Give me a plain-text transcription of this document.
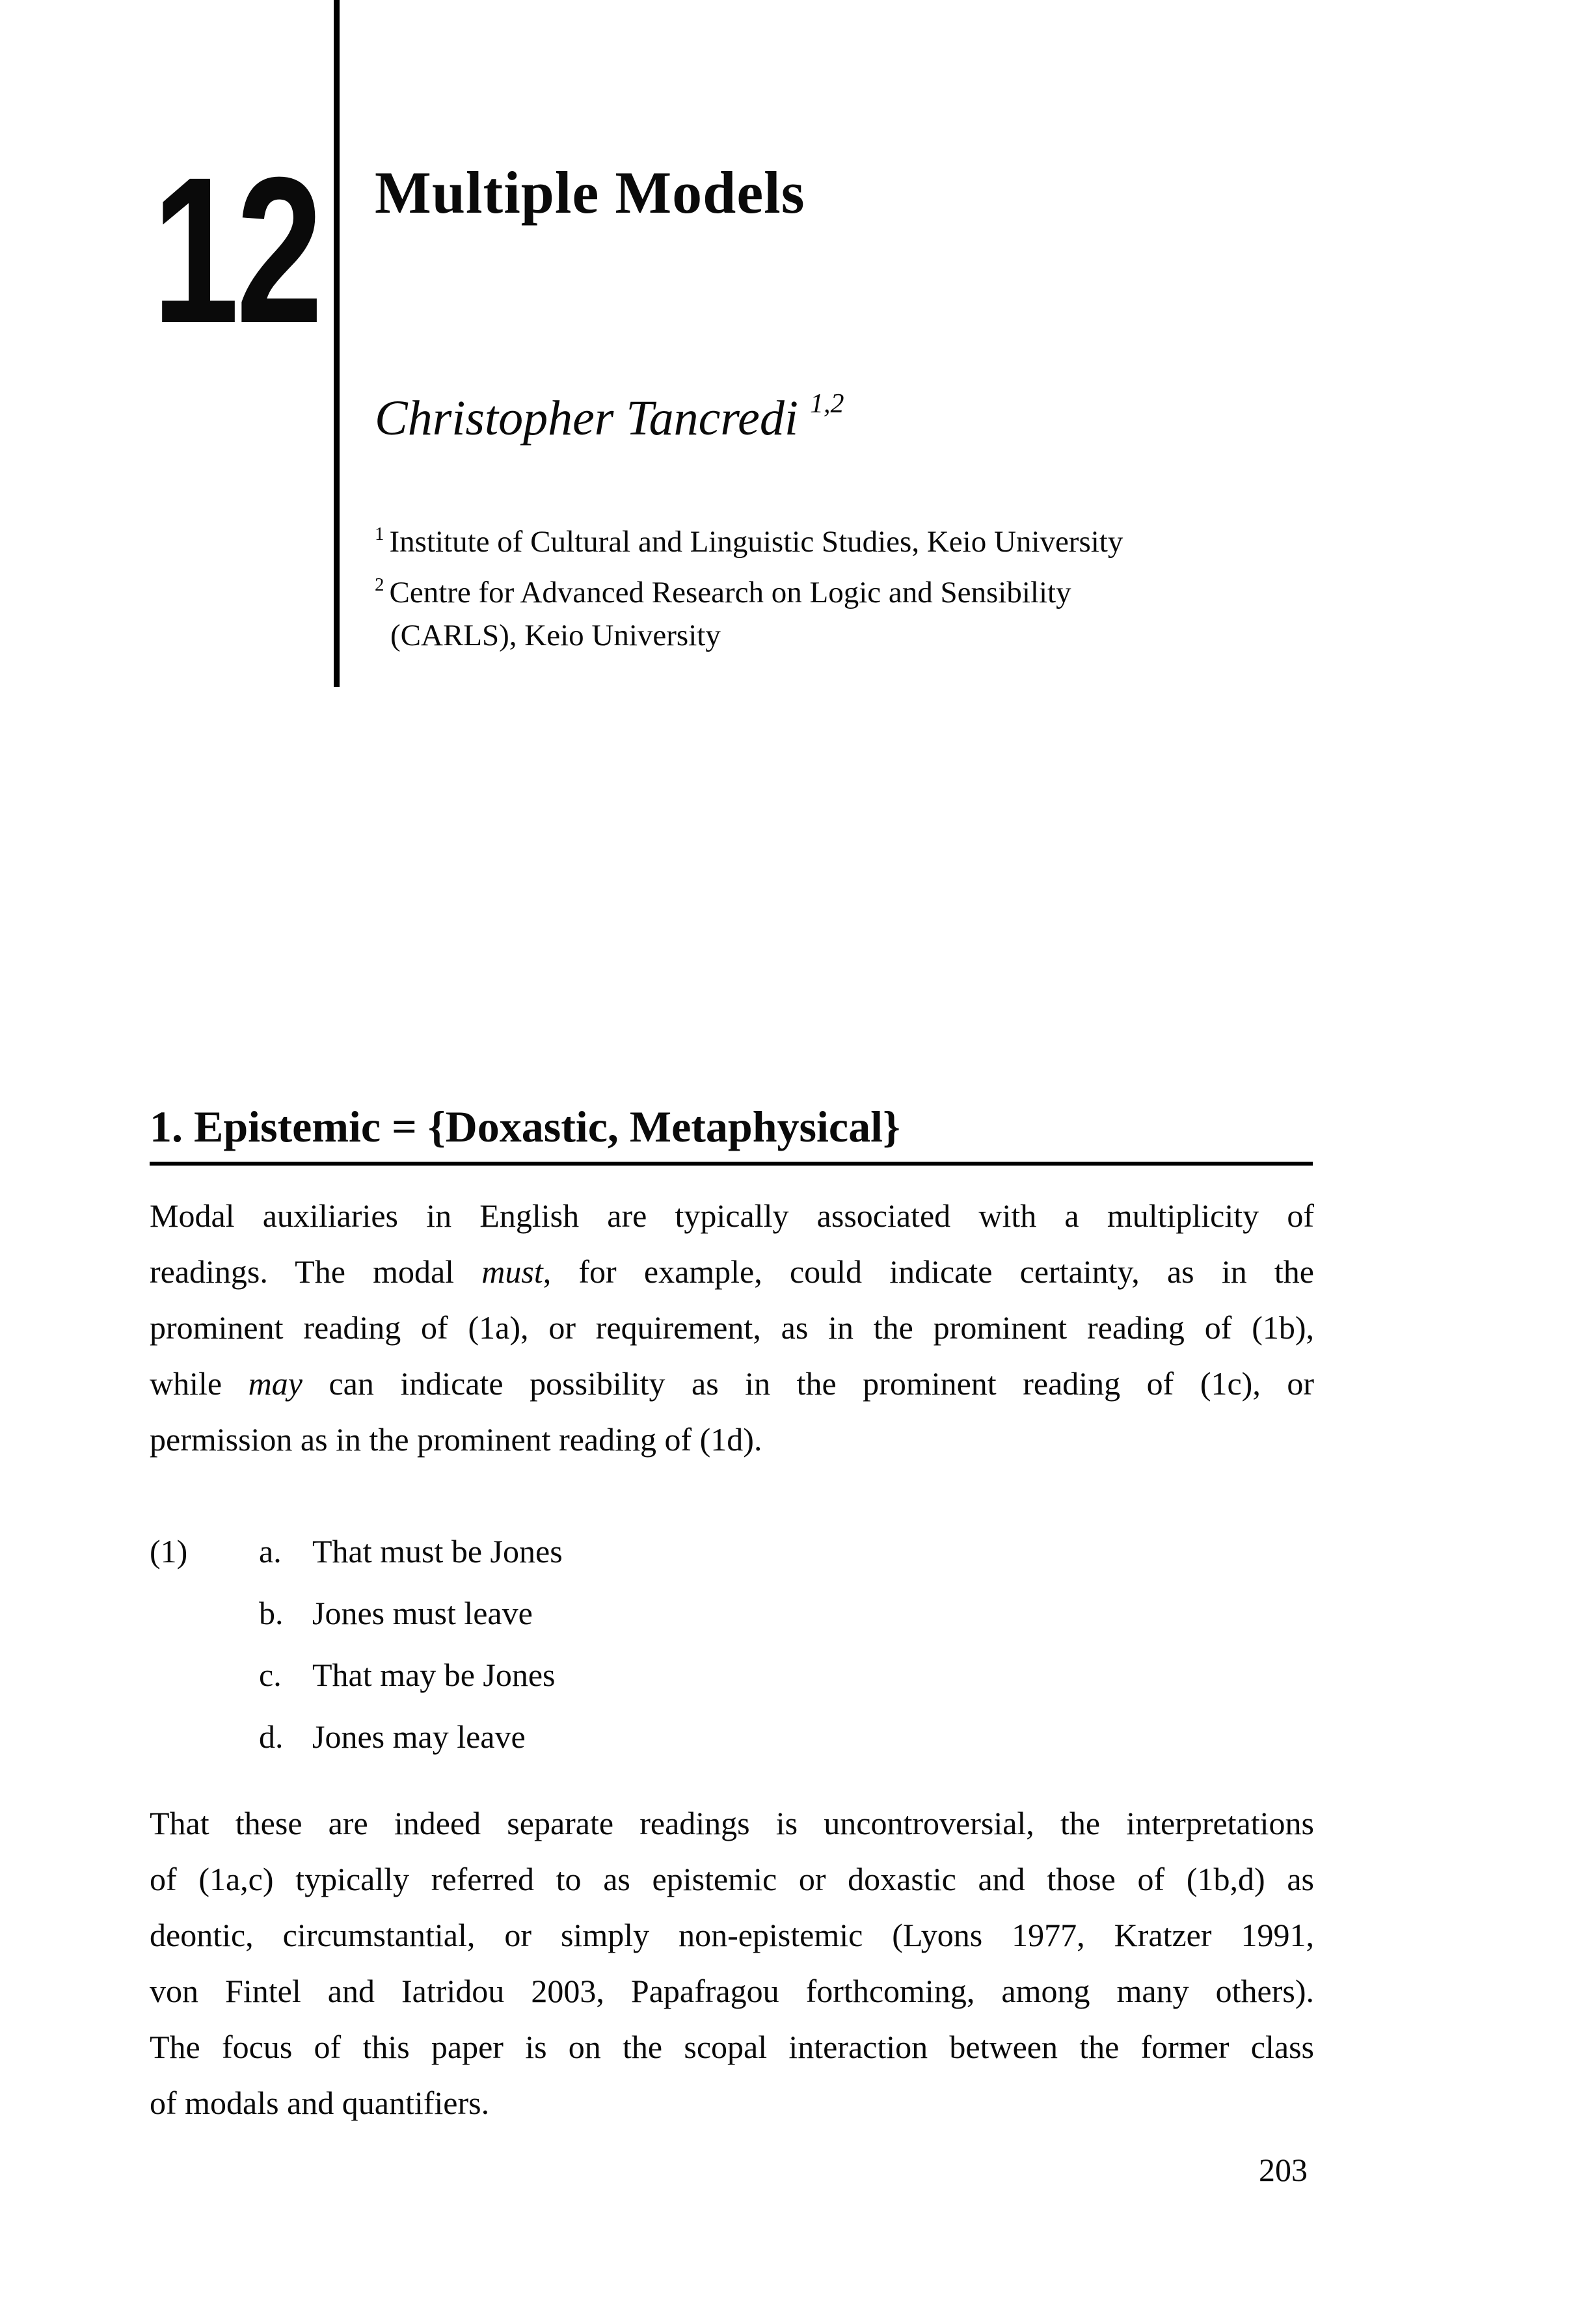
12 Multiple Models
Christopher Tancredi $^{1,2}$
$^1$ Institute of Cultural and Linguistic Studies, Keio University
$^2$ Centre for Advanced Research on Logic and Sensibility
(CARLS), Keio University
1. Epistemic = {Doxastic, Metaphysical}
Modal auxiliaries in English are typically associated with a multiplicity of
readings. The modal must, for example, could indicate certainty, as in the
prominent reading of (1a), or requirement, as in the prominent reading of (1b),
while may can indicate possibility as in the prominent reading of (1c), or
permission as in the prominent reading of (1d).
(1)	a. That must be Jones
b. Jones must leave
c. That may be Jones
d. Jones may leave
That these are indeed separate readings is uncontroversial, the interpretations
of (1a,c) typically referred to as epistemic or doxastic and those of (1b,d) as
deontic, circumstantial, or simply non-epistemic (Lyons 1977, Kratzer 1991,
von Fintel and Iatridou 2003, Papafragou forthcoming, among many others).
The focus of this paper is on the scopal interaction between the former class
of modals and quantifiers.
203
